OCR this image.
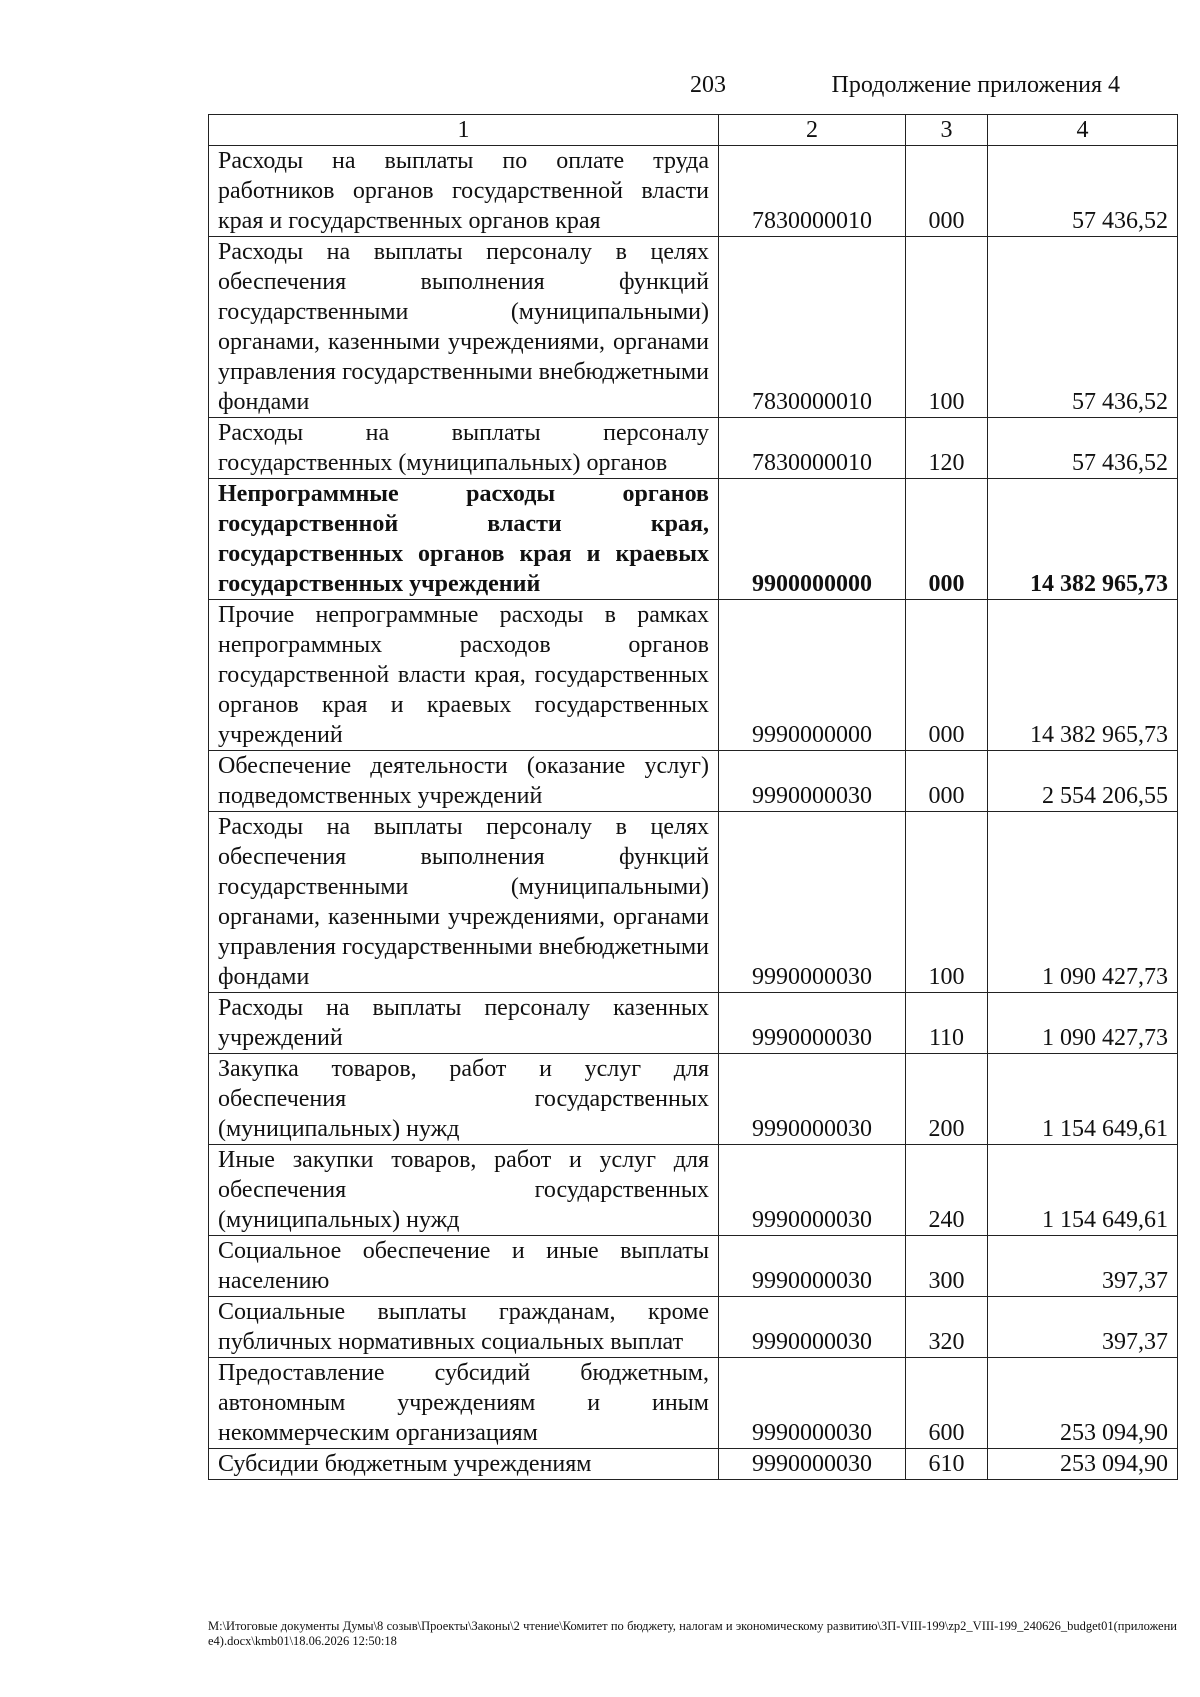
203	Продолжение приложения 4
1	2	3	4
Расходы на выплаты по оплате труда работников органов государственной власти края и государственных органов края	7830000010	000	57 436,52
Расходы на выплаты персоналу в целях обеспечения выполнения функций государственными (муниципальными) органами, казенными учреждениями, органами управления государственными внебюджетными фондами	7830000010	100	57 436,52
Расходы на выплаты персоналу государственных (муниципальных) органов	7830000010	120	57 436,52
Непрограммные расходы органов государственной власти края, государственных органов края и краевых государственных учреждений	9900000000	000	14 382 965,73
Прочие непрограммные расходы в рамках непрограммных расходов органов государственной власти края, государственных органов края и краевых государственных учреждений	9990000000	000	14 382 965,73
Обеспечение деятельности (оказание услуг) подведомственных учреждений	9990000030	000	2 554 206,55
Расходы на выплаты персоналу в целях обеспечения выполнения функций государственными (муниципальными) органами, казенными учреждениями, органами управления государственными внебюджетными фондами	9990000030	100	1 090 427,73
Расходы на выплаты персоналу казенных учреждений	9990000030	110	1 090 427,73
Закупка товаров, работ и услуг для обеспечения государственных (муниципальных) нужд	9990000030	200	1 154 649,61
Иные закупки товаров, работ и услуг для обеспечения государственных (муниципальных) нужд	9990000030	240	1 154 649,61
Социальное обеспечение и иные выплаты населению	9990000030	300	397,37
Социальные выплаты гражданам, кроме публичных нормативных социальных выплат	9990000030	320	397,37
Предоставление субсидий бюджетным, автономным учреждениям и иным некоммерческим организациям	9990000030	600	253 094,90
Субсидии бюджетным учреждениям	9990000030	610	253 094,90
М:\Итоговые документы Думы\8 созыв\Проекты\Законы\2 чтение\Комитет по бюджету, налогам и экономическому развитию\ЗП-VIII-199\zp2_VIII-199_240626_budget01(приложение4).docx\kmb01\18.06.2026 12:50:18
